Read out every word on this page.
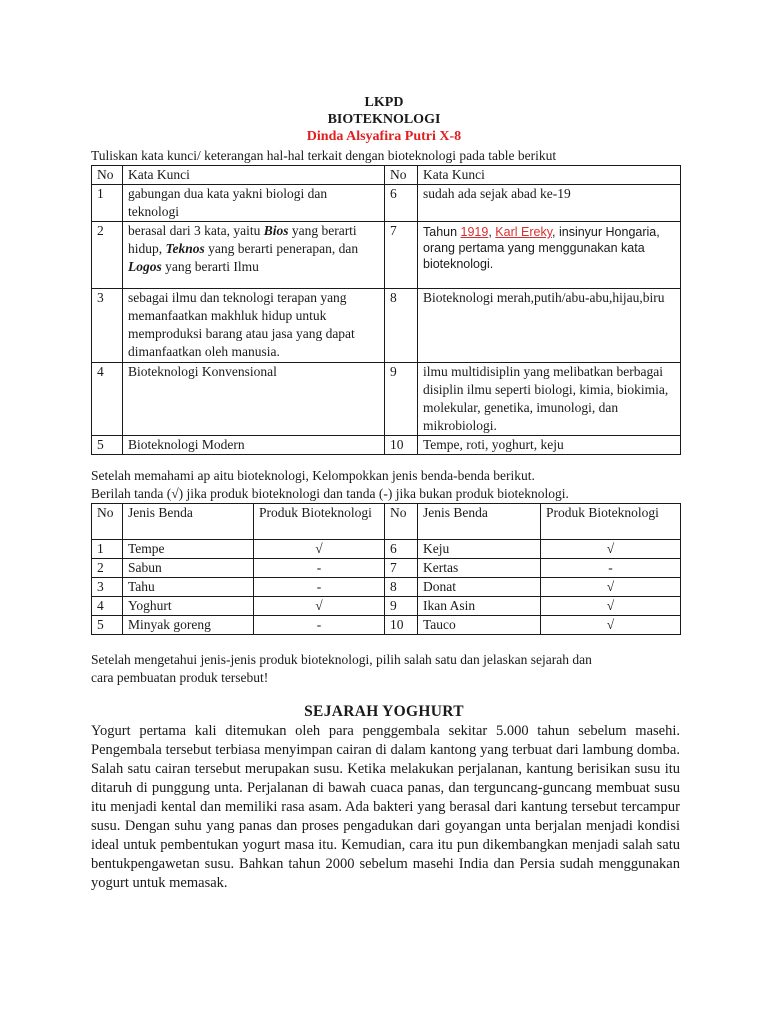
LKPD
BIOTEKNOLOGI
Dinda Alsyafira Putri X-8
Tuliskan kata kunci/ keterangan hal-hal terkait dengan bioteknologi pada table berikut
No	Kata Kunci	No	Kata Kunci
1	gabungan dua kata yakni biologi dan teknologi	6	sudah ada sejak abad ke-19
2	berasal dari 3 kata, yaitu Bios yang berarti hidup, Teknos yang berarti penerapan, dan Logos yang berarti Ilmu	7	Tahun 1919, Karl Ereky, insinyur Hongaria, orang pertama yang menggunakan kata bioteknologi.
3	sebagai ilmu dan teknologi terapan yang memanfaatkan makhluk hidup untuk memproduksi barang atau jasa yang dapat dimanfaatkan oleh manusia.	8	Bioteknologi merah,putih/abu-abu,hijau,biru
4	Bioteknologi Konvensional	9	ilmu multidisiplin yang melibatkan berbagai disiplin ilmu seperti biologi, kimia, biokimia, molekular, genetika, imunologi, dan mikrobiologi.
5	Bioteknologi Modern	10	Tempe, roti, yoghurt, keju
Setelah memahami ap aitu bioteknologi, Kelompokkan jenis benda-benda berikut.
Berilah tanda (√) jika produk bioteknologi dan tanda (-) jika bukan produk bioteknologi.
No	Jenis Benda	Produk Bioteknologi	No	Jenis Benda	Produk Bioteknologi
1	Tempe	√	6	Keju	√
2	Sabun	-	7	Kertas	-
3	Tahu	-	8	Donat	√
4	Yoghurt	√	9	Ikan Asin	√
5	Minyak goreng	-	10	Tauco	√
Setelah mengetahui jenis-jenis produk bioteknologi, pilih salah satu dan jelaskan sejarah dan
cara pembuatan produk tersebut!
SEJARAH YOGHURT
Yogurt pertama kali ditemukan oleh para penggembala sekitar 5.000 tahun sebelum masehi. Pengembala tersebut terbiasa menyimpan cairan di dalam kantong yang terbuat dari lambung domba. Salah satu cairan tersebut merupakan susu. Ketika melakukan perjalanan, kantung berisikan susu itu ditaruh di punggung unta. Perjalanan di bawah cuaca panas, dan terguncang-guncang membuat susu itu menjadi kental dan memiliki rasa asam. Ada bakteri yang berasal dari kantung tersebut tercampur susu. Dengan suhu yang panas dan proses pengadukan dari goyangan unta berjalan menjadi kondisi ideal untuk pembentukan yogurt masa itu. Kemudian, cara itu pun dikembangkan menjadi salah satu bentukpengawetan susu. Bahkan tahun 2000 sebelum masehi India dan Persia sudah menggunakan yogurt untuk memasak.
